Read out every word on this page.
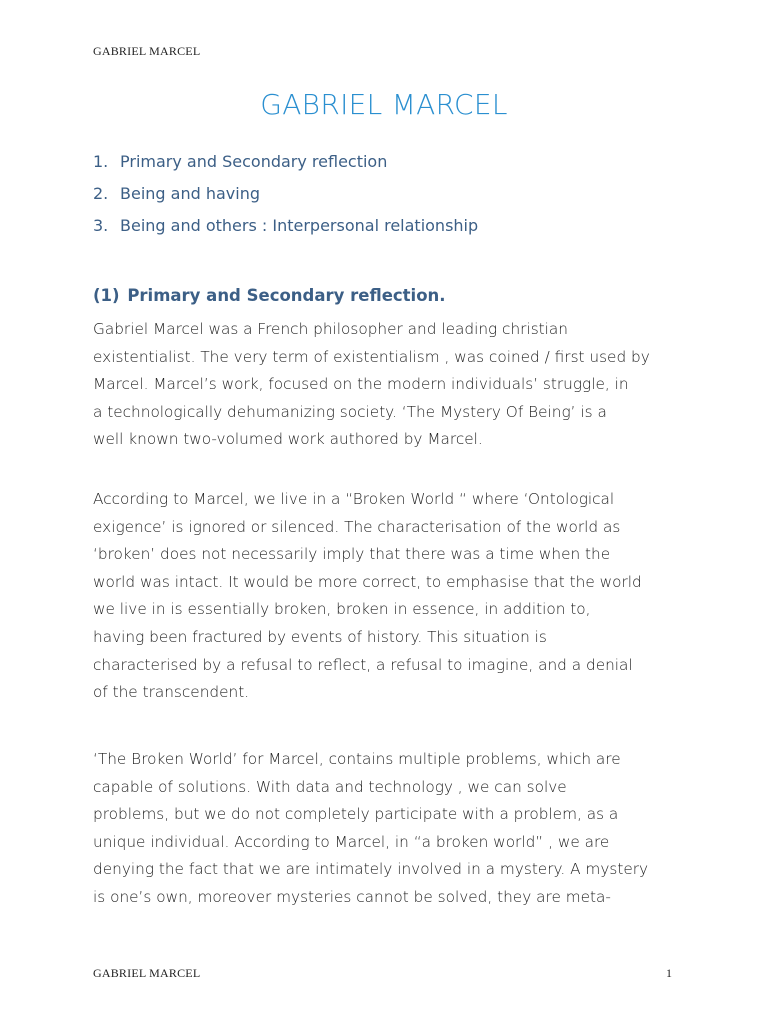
GABRIEL MARCEL
GABRIEL MARCEL
1. Primary and Secondary reflection
2. Being and having
3. Being and others : Interpersonal relationship
(1) Primary and Secondary reflection.

Gabriel Marcel was a French philosopher and leading christian
existentialist. The very term of existentialism , was coined / first used by
Marcel. Marcel’s work, focused on the modern individuals’ struggle, in
a technologically dehumanizing society. ‘The Mystery Of Being’ is a
well known two-volumed work authored by Marcel.

According to Marcel, we live in a “Broken World “ where ‘Ontological
exigence’ is ignored or silenced. The characterisation of the world as
‘broken’ does not necessarily imply that there was a time when the
world was intact. It would be more correct, to emphasise that the world
we live in is essentially broken, broken in essence, in addition to,
having been fractured by events of history. This situation is
characterised by a refusal to reflect, a refusal to imagine, and a denial
of the transcendent.

‘The Broken World’ for Marcel, contains multiple problems, which are
capable of solutions. With data and technology , we can solve
problems, but we do not completely participate with a problem, as a
unique individual. According to Marcel, in “a broken world” , we are
denying the fact that we are intimately involved in a mystery. A mystery
is one’s own, moreover mysteries cannot be solved, they are meta-

GABRIEL MARCEL	1
